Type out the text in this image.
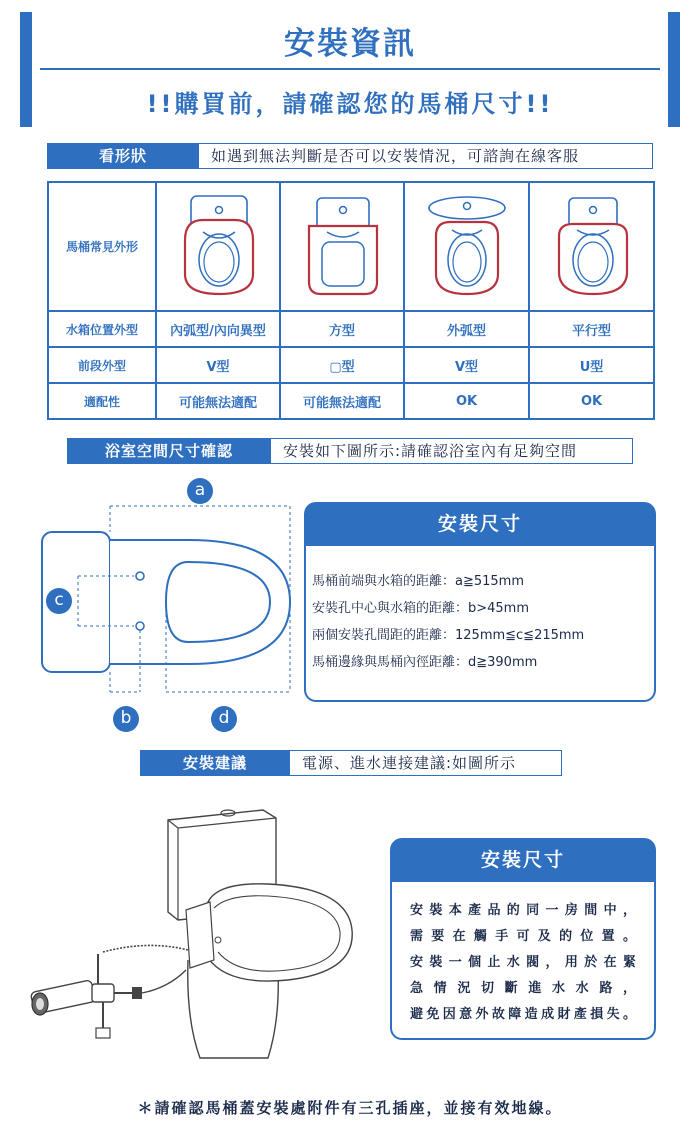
安裝資訊
!!購買前，請確認您的馬桶尺寸!!
看形狀	如遇到無法判斷是否可以安裝情況，可諮詢在線客服
馬桶常見外形				
水箱位置外型	內弧型/內向異型	方型	外弧型	平行型
前段外型	V型	▢型	V型	U型
適配性	可能無法適配	可能無法適配	OK	OK
浴室空間尺寸確認	安裝如下圖所示:請確認浴室內有足夠空間
a
c
b	d
安裝尺寸
馬桶前端與水箱的距離：a≧515mm
安裝孔中心與水箱的距離：b>45mm
兩個安裝孔間距的距離：125mm≦c≦215mm
馬桶邊緣與馬桶內徑距離：d≧390mm
安裝建議	電源、進水連接建議:如圖所示
安裝尺寸
安裝本產品的同一房間中，
需要在觸手可及的位置。
安裝一個止水閥，用於在緊
急情況切斷進水水路，
避免因意外故障造成財產損失。
＊請確認馬桶蓋安裝處附件有三孔插座，並接有效地線。
